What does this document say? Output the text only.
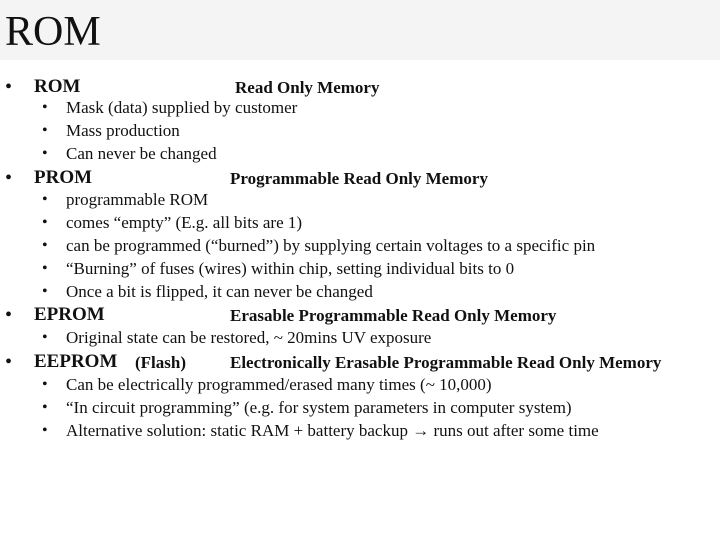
ROM
• ROM	Read Only Memory
• Mask (data) supplied by customer
• Mass production
• Can never be changed
• PROM	Programmable Read Only Memory
• programmable ROM
• comes “empty” (E.g. all bits are 1)
• can be programmed (“burned”) by supplying certain voltages to a specific pin
• “Burning” of fuses (wires) within chip, setting individual bits to 0
• Once a bit is flipped, it can never be changed
• EPROM	Erasable Programmable Read Only Memory
• Original state can be restored, ~ 20mins UV exposure
• EEPROM (Flash)	Electronically Erasable Programmable Read Only Memory
• Can be electrically programmed/erased many times (~ 10,000)
• “In circuit programming” (e.g. for system parameters in computer system)
• Alternative solution: static RAM + battery backup → runs out after some time
